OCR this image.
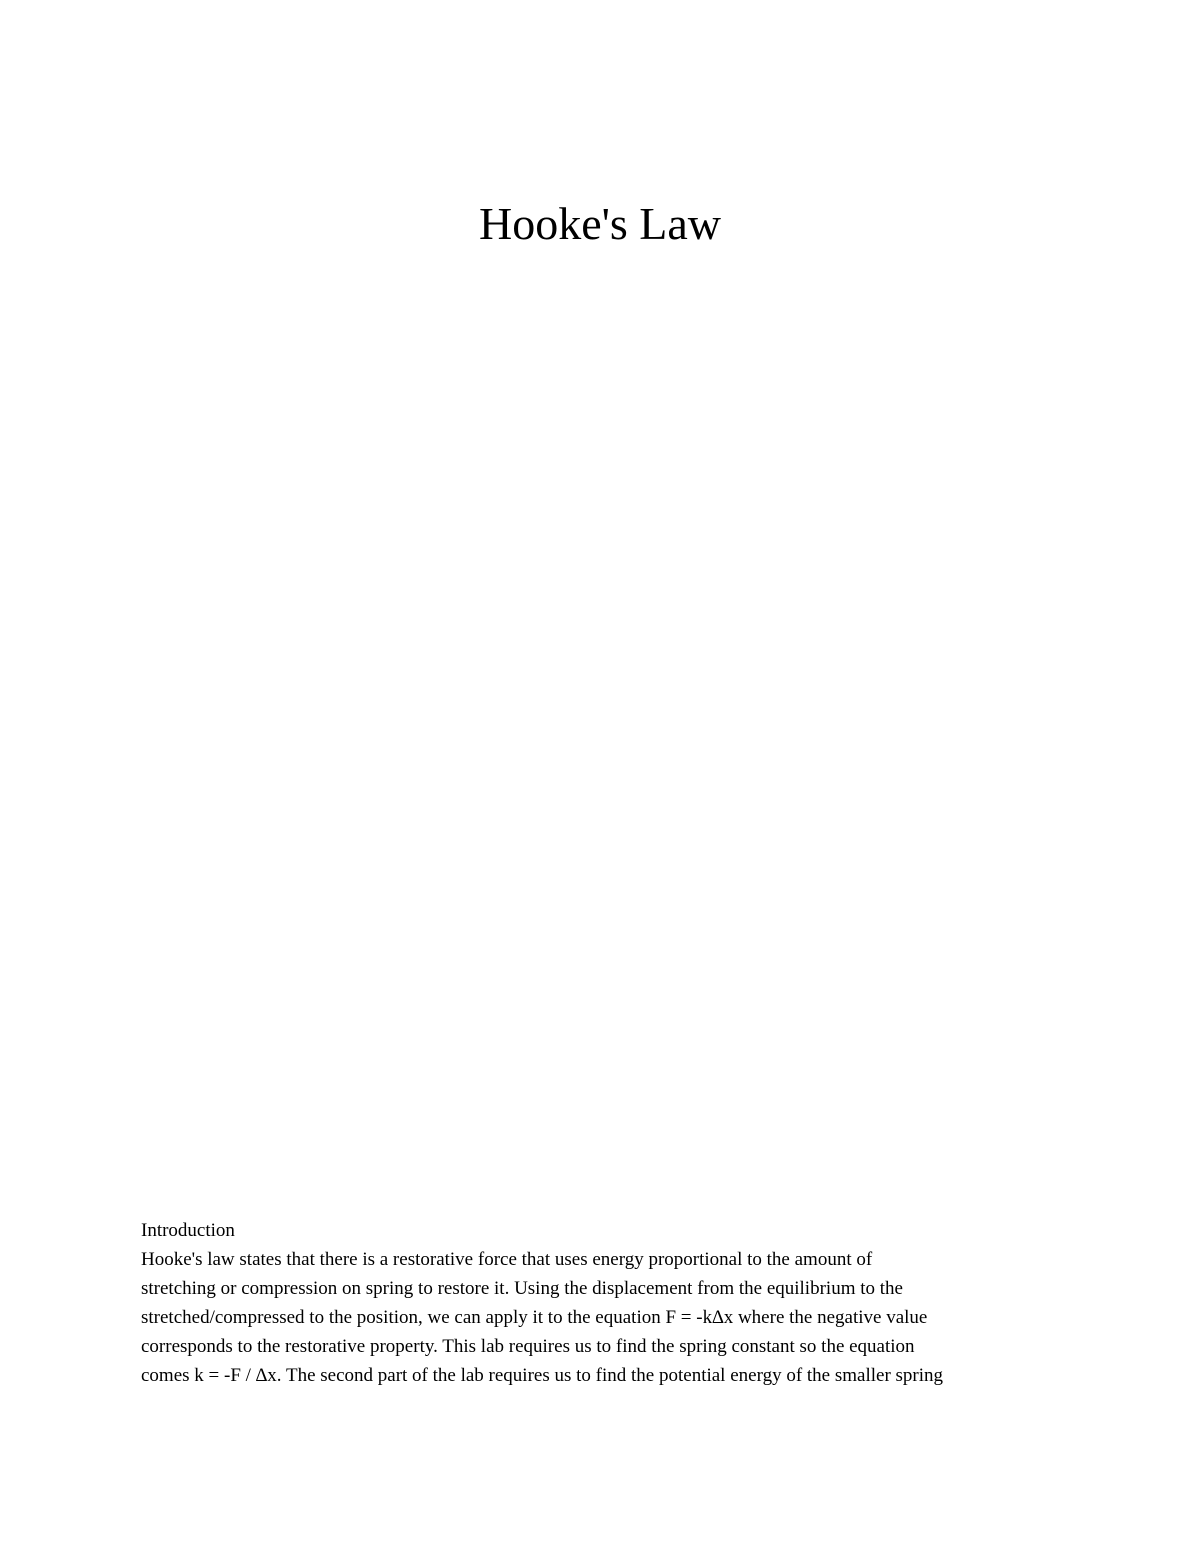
Hooke's Law
Introduction

Hooke's law states that there is a restorative force that uses energy proportional to the amount of
stretching or compression on spring to restore it. Using the displacement from the equilibrium to the
stretched/compressed to the position, we can apply it to the equation F = -k∆x where the negative value
corresponds to the restorative property. This lab requires us to find the spring constant so the equation
comes k = -F / ∆x. The second part of the lab requires us to find the potential energy of the smaller spring
